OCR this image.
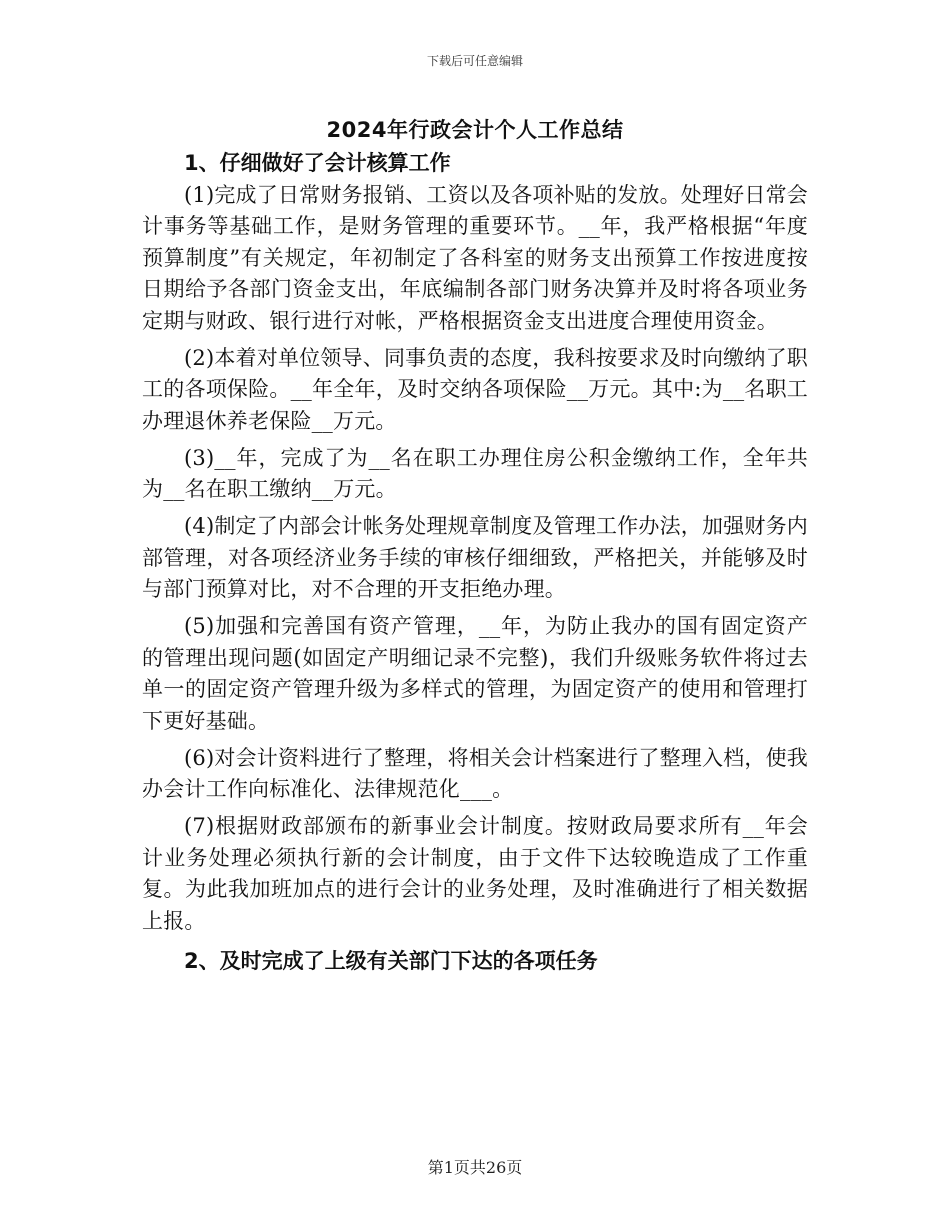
下载后可任意编辑
2024年行政会计个人工作总结

1、仔细做好了会计核算工作

(1)完成了日常财务报销、工资以及各项补贴的发放。处理好日常会计事务等基础工作，是财务管理的重要环节。__年，我严格根据“年度预算制度”有关规定，年初制定了各科室的财务支出预算工作按进度按日期给予各部门资金支出，年底编制各部门财务决算并及时将各项业务定期与财政、银行进行对帐，严格根据资金支出进度合理使用资金。

(2)本着对单位领导、同事负责的态度，我科按要求及时向缴纳了职工的各项保险。__年全年，及时交纳各项保险__万元。其中:为__名职工办理退休养老保险__万元。

(3)__年，完成了为__名在职工办理住房公积金缴纳工作，全年共为__名在职工缴纳__万元。

(4)制定了内部会计帐务处理规章制度及管理工作办法，加强财务内部管理，对各项经济业务手续的审核仔细细致，严格把关，并能够及时与部门预算对比，对不合理的开支拒绝办理。

(5)加强和完善国有资产管理，__年，为防止我办的国有固定资产的管理出现问题(如固定产明细记录不完整)，我们升级账务软件将过去单一的固定资产管理升级为多样式的管理，为固定资产的使用和管理打下更好基础。

(6)对会计资料进行了整理，将相关会计档案进行了整理入档，使我办会计工作向标准化、法律规范化___。

(7)根据财政部颁布的新事业会计制度。按财政局要求所有__年会计业务处理必须执行新的会计制度，由于文件下达较晚造成了工作重复。为此我加班加点的进行会计的业务处理，及时准确进行了相关数据上报。

2、及时完成了上级有关部门下达的各项任务

第1页共26页
